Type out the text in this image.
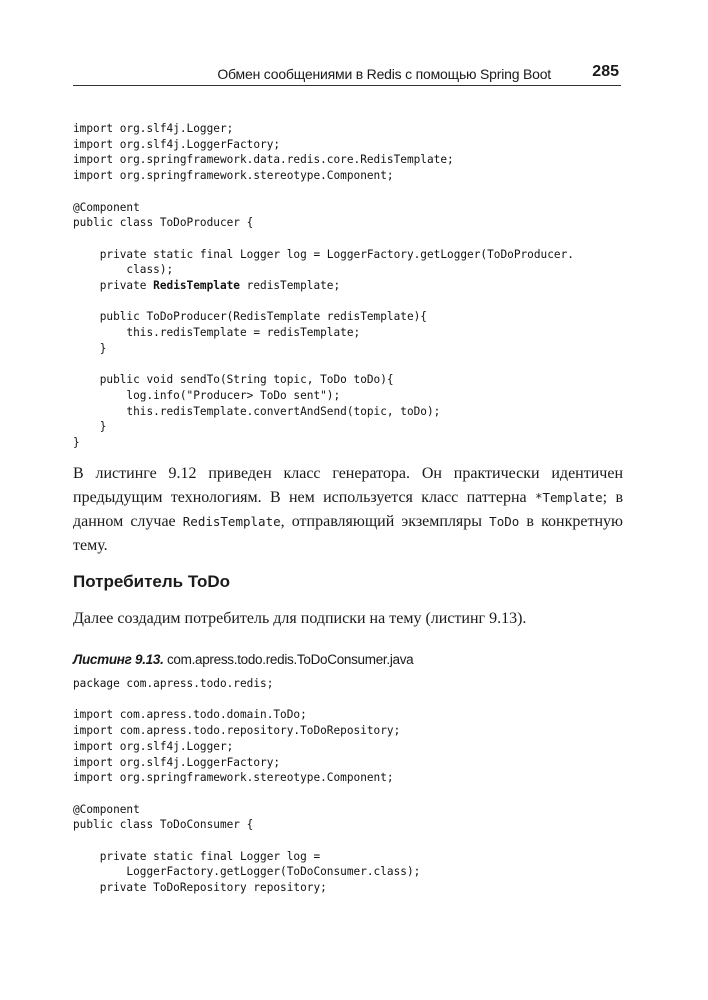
Обмен сообщениями в Redis с помощью Spring Boot	285
import org.slf4j.Logger;
import org.slf4j.LoggerFactory;
import org.springframework.data.redis.core.RedisTemplate;
import org.springframework.stereotype.Component;
@Component
public class ToDoProducer {
private static final Logger log = LoggerFactory.getLogger(ToDoProducer.
class);
private RedisTemplate redisTemplate;
public ToDoProducer(RedisTemplate redisTemplate){
this.redisTemplate = redisTemplate;
}
public void sendTo(String topic, ToDo toDo){
log.info("Producer> ToDo sent");
this.redisTemplate.convertAndSend(topic, toDo);
}
}

В листинге 9.12 приведен класс генератора. Он практически идентичен предыдущим технологиям. В нем используется класс паттерна *Template; в данном случае RedisTemplate, отправляющий экземпляры ToDo в конкретную тему.

Потребитель ToDo

Далее создадим потребитель для подписки на тему (листинг 9.13).

Листинг 9.13. com.apress.todo.redis.ToDoConsumer.java

package com.apress.todo.redis;
import com.apress.todo.domain.ToDo;
import com.apress.todo.repository.ToDoRepository;
import org.slf4j.Logger;
import org.slf4j.LoggerFactory;
import org.springframework.stereotype.Component;
@Component
public class ToDoConsumer {
private static final Logger log =
LoggerFactory.getLogger(ToDoConsumer.class);
private ToDoRepository repository;
